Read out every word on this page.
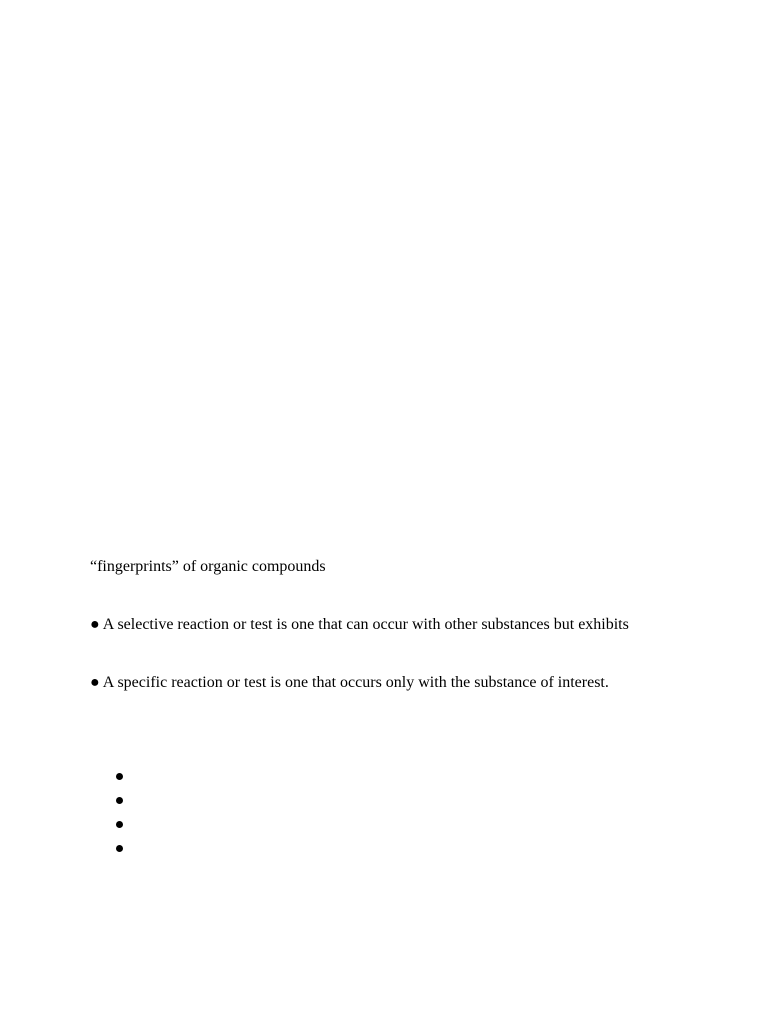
“fingerprints” of organic compounds
● A selective reaction or test is one that can occur with other substances but exhibits
● A specific reaction or test is one that occurs only with the substance of interest.
